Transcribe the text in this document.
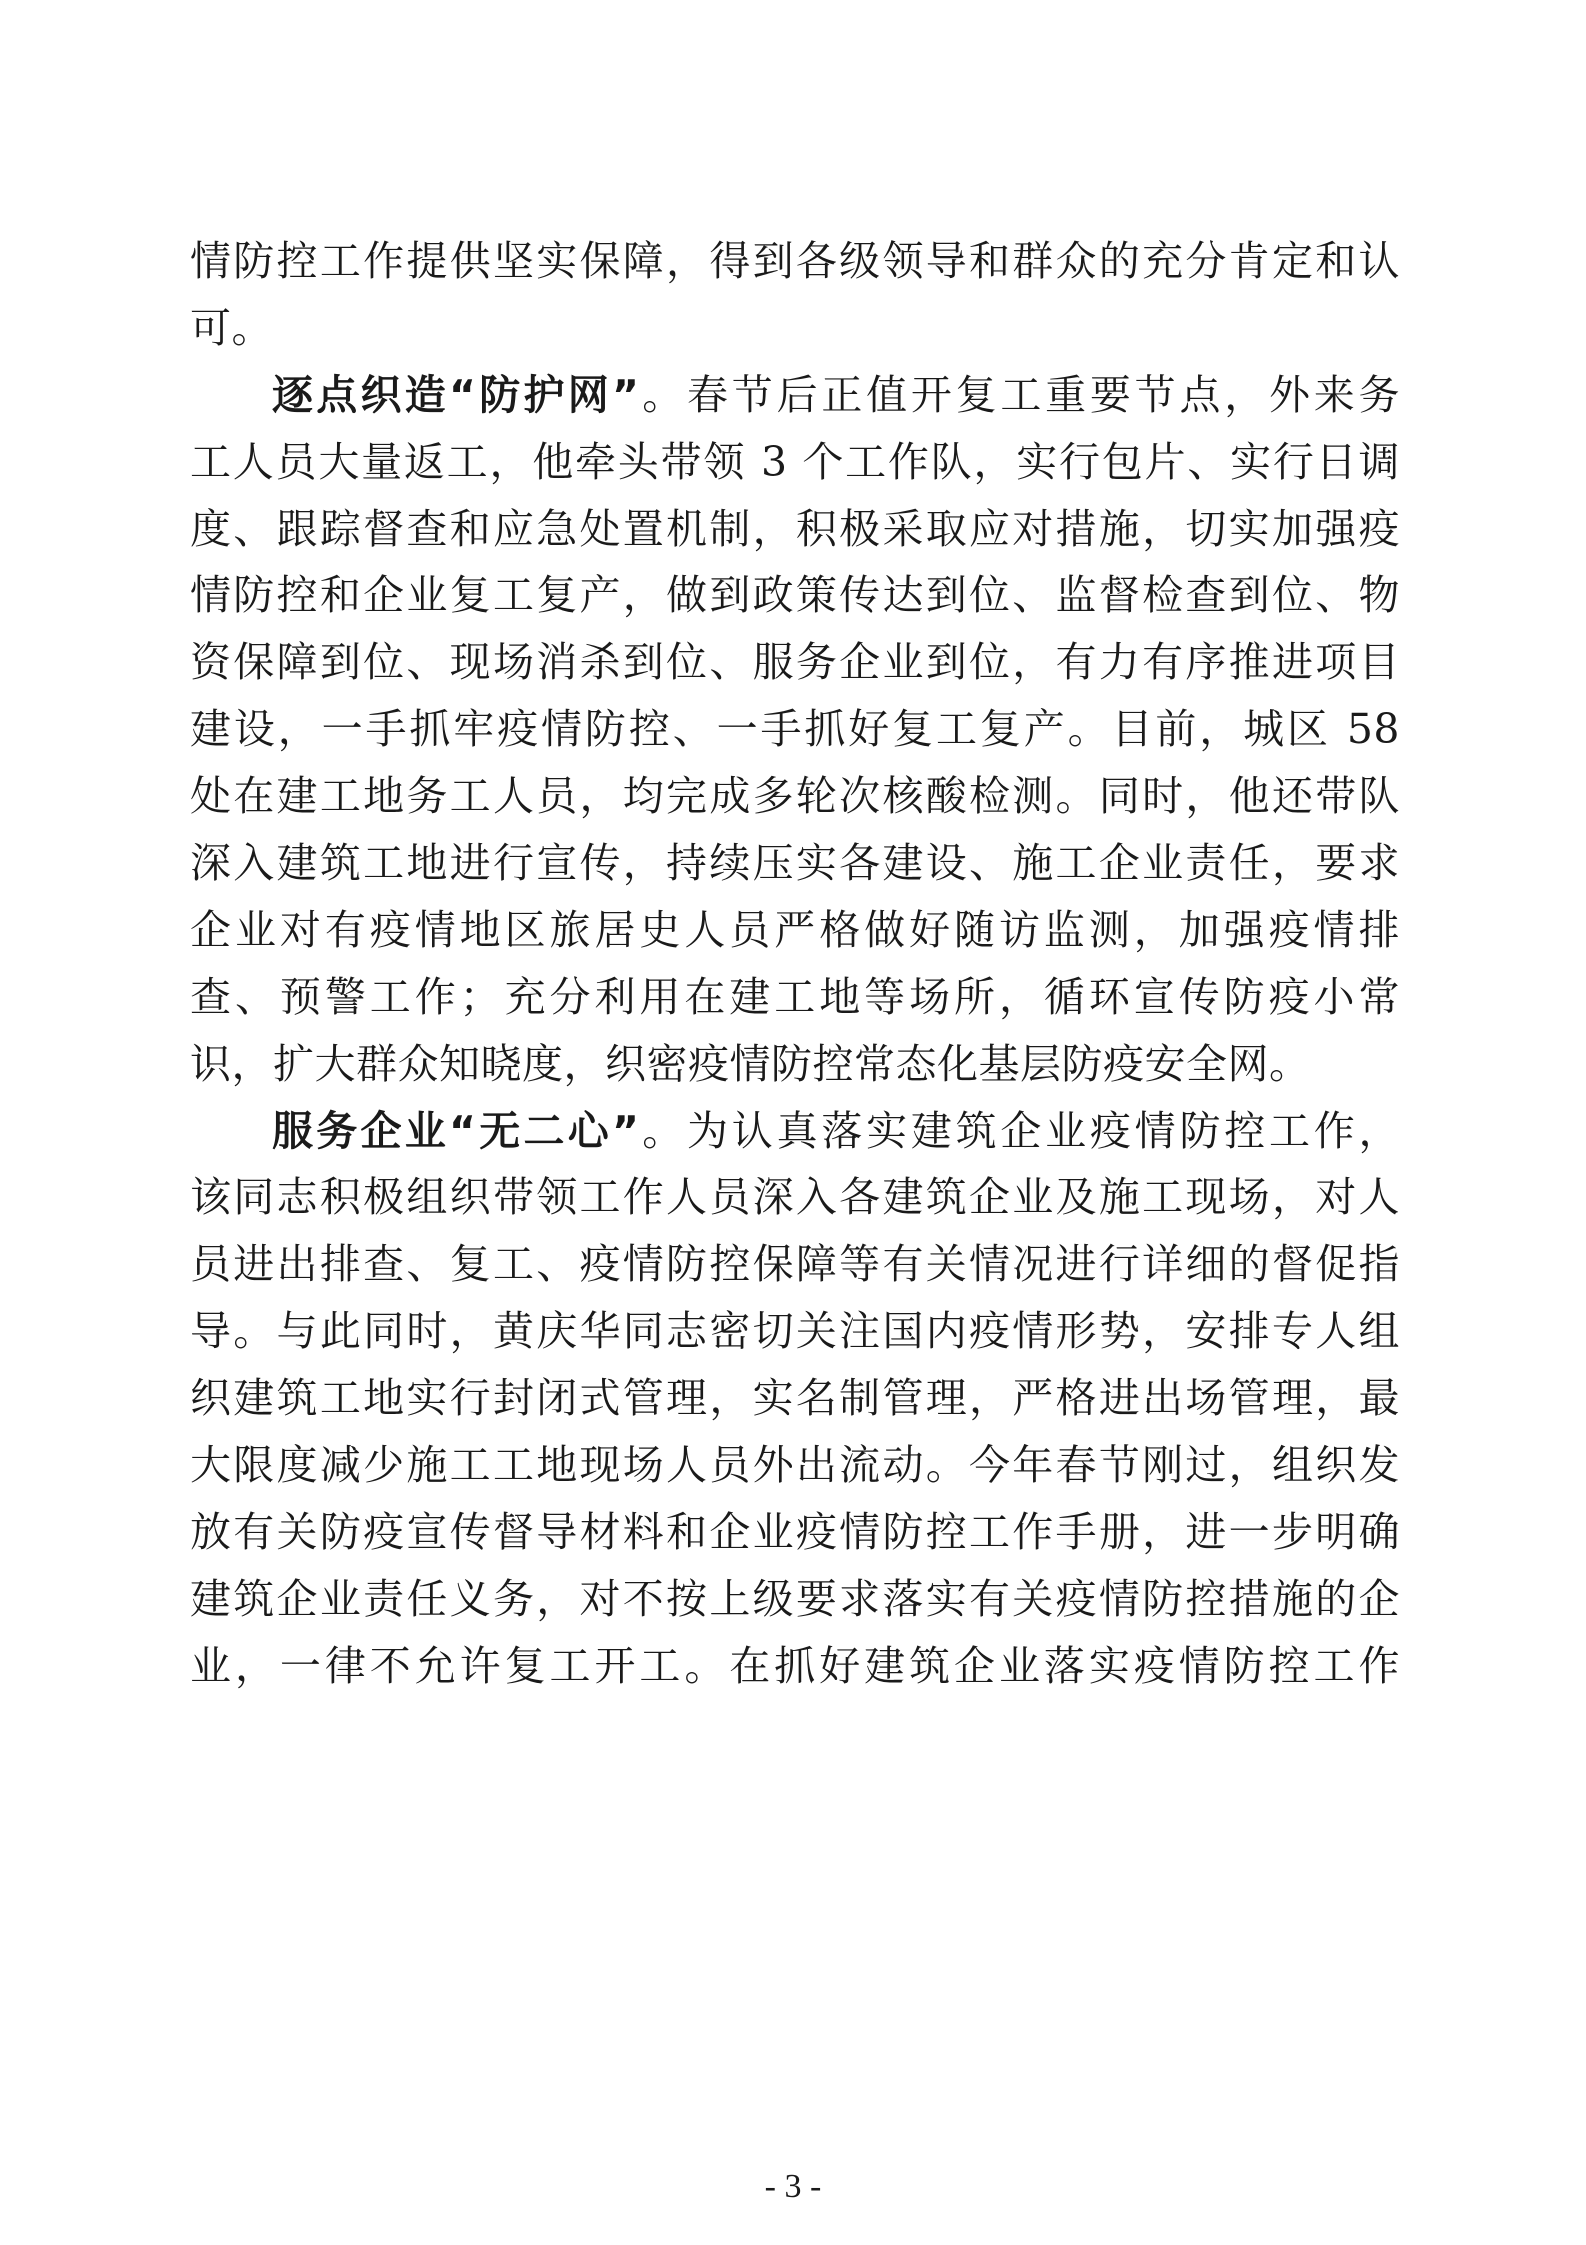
情防控工作提供坚实保障，得到各级领导和群众的充分肯定和认
可。
逐点织造“防护网”。春节后正值开复工重要节点，外来务
工人员大量返工，他牵头带领 3 个工作队，实行包片、实行日调
度、跟踪督查和应急处置机制，积极采取应对措施，切实加强疫
情防控和企业复工复产，做到政策传达到位、监督检查到位、物
资保障到位、现场消杀到位、服务企业到位，有力有序推进项目
建设，一手抓牢疫情防控、一手抓好复工复产。目前，城区 58
处在建工地务工人员，均完成多轮次核酸检测。同时，他还带队
深入建筑工地进行宣传，持续压实各建设、施工企业责任，要求
企业对有疫情地区旅居史人员严格做好随访监测，加强疫情排
查、预警工作；充分利用在建工地等场所，循环宣传防疫小常
识，扩大群众知晓度，织密疫情防控常态化基层防疫安全网。
服务企业“无二心”。为认真落实建筑企业疫情防控工作，
该同志积极组织带领工作人员深入各建筑企业及施工现场，对人
员进出排查、复工、疫情防控保障等有关情况进行详细的督促指
导。与此同时，黄庆华同志密切关注国内疫情形势，安排专人组
织建筑工地实行封闭式管理，实名制管理，严格进出场管理，最
大限度减少施工工地现场人员外出流动。今年春节刚过，组织发
放有关防疫宣传督导材料和企业疫情防控工作手册，进一步明确
建筑企业责任义务，对不按上级要求落实有关疫情防控措施的企
业，一律不允许复工开工。在抓好建筑企业落实疫情防控工作
- 3 -
